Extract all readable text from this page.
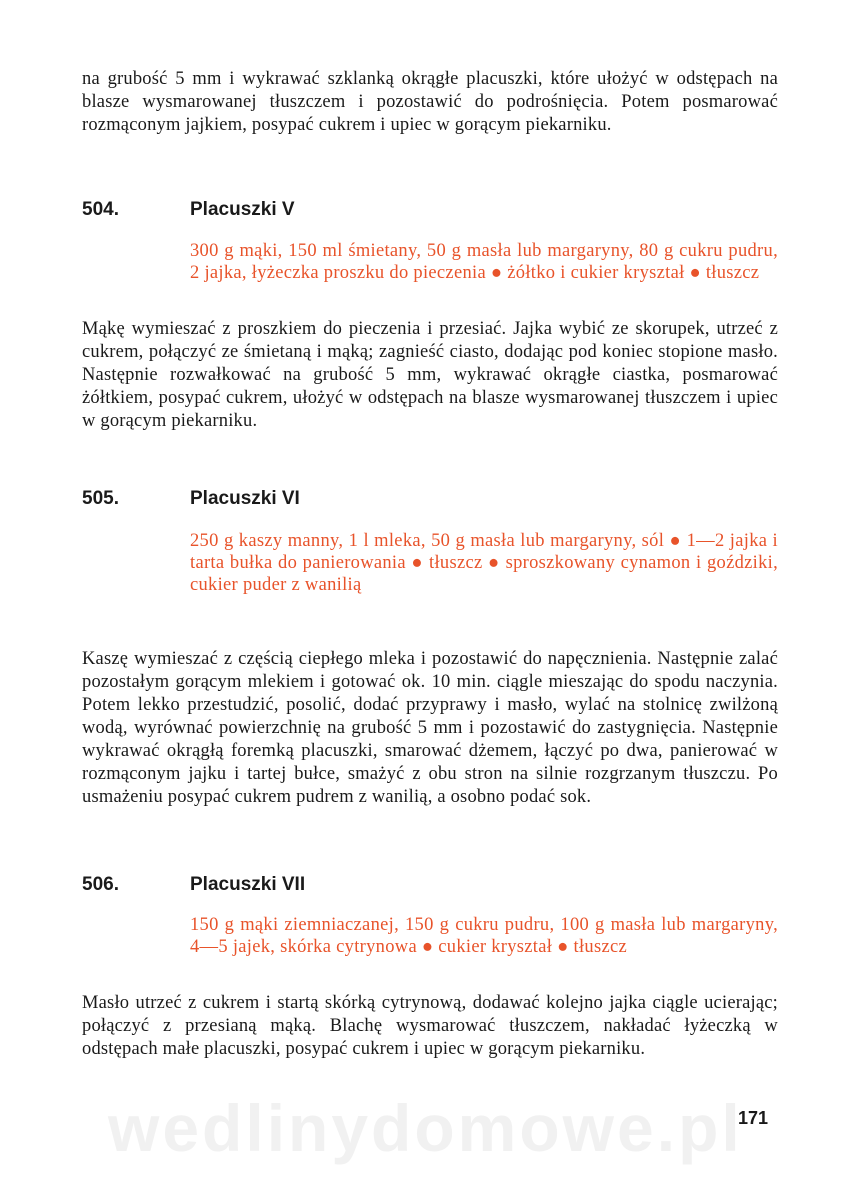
na grubość 5 mm i wykrawać szklanką okrągłe placuszki, które ułożyć w odstępach na blasze wysmarowanej tłuszczem i pozostawić do podrośnięcia. Potem posmarować rozmąconym jajkiem, posypać cukrem i upiec w gorącym piekarniku.

504.	Placuszki V

300 g mąki, 150 ml śmietany, 50 g masła lub margaryny, 80 g cukru pudru, 2 jajka, łyżeczka proszku do pieczenia ● żółtko i cukier kryształ ● tłuszcz

Mąkę wymieszać z proszkiem do pieczenia i przesiać. Jajka wybić ze skorupek, utrzeć z cukrem, połączyć ze śmietaną i mąką; zagnieść ciasto, dodając pod koniec stopione masło. Następnie rozwałkować na grubość 5 mm, wykrawać okrągłe ciastka, posmarować żółtkiem, posypać cukrem, ułożyć w odstępach na blasze wysmarowanej tłuszczem i upiec w gorącym piekarniku.

505.	Placuszki VI

250 g kaszy manny, 1 l mleka, 50 g masła lub margaryny, sól ● 1—2 jajka i tarta bułka do panierowania ● tłuszcz ● sproszkowany cynamon i goździki, cukier puder z wanilią

Kaszę wymieszać z częścią ciepłego mleka i pozostawić do napęcznienia. Następnie zalać pozostałym gorącym mlekiem i gotować ok. 10 min. ciągle mieszając do spodu naczynia. Potem lekko przestudzić, posolić, dodać przyprawy i masło, wylać na stolnicę zwilżoną wodą, wyrównać powierzchnię na grubość 5 mm i pozostawić do zastygnięcia. Następnie wykrawać okrągłą foremką placuszki, smarować dżemem, łączyć po dwa, panierować w rozmąconym jajku i tartej bułce, smażyć z obu stron na silnie rozgrzanym tłuszczu. Po usmażeniu posypać cukrem pudrem z wanilią, a osobno podać sok.

506.	Placuszki VII

150 g mąki ziemniaczanej, 150 g cukru pudru, 100 g masła lub margaryny, 4—5 jajek, skórka cytrynowa ● cukier kryształ ● tłuszcz

Masło utrzeć z cukrem i startą skórką cytrynową, dodawać kolejno jajka ciągle ucierając; połączyć z przesianą mąką. Blachę wysmarować tłuszczem, nakładać łyżeczką w odstępach małe placuszki, posypać cukrem i upiec w gorącym piekarniku.

wedlinydomowe.pl
171
